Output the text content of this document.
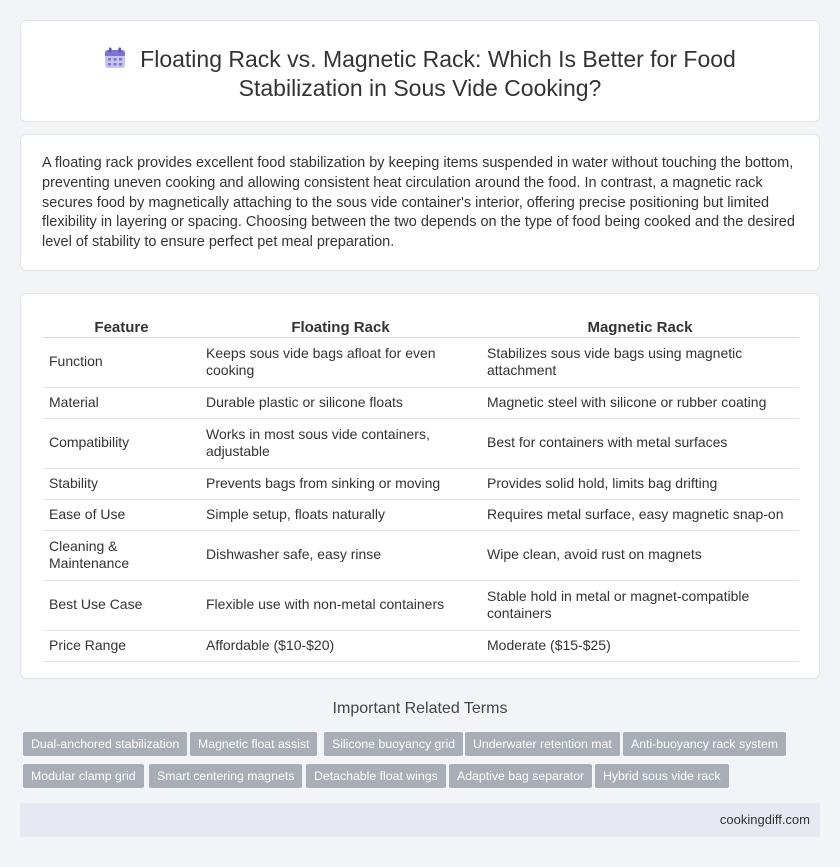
Floating Rack vs. Magnetic Rack: Which Is Better for Food
Stabilization in Sous Vide Cooking?

A floating rack provides excellent food stabilization by keeping items suspended in water without touching the bottom, preventing uneven cooking and allowing consistent heat circulation around the food. In contrast, a magnetic rack secures food by magnetically attaching to the sous vide container's interior, offering precise positioning but limited flexibility in layering or spacing. Choosing between the two depends on the type of food being cooked and the desired level of stability to ensure perfect pet meal preparation.

Feature	Floating Rack	Magnetic Rack
Function	Keeps sous vide bags afloat for even cooking	Stabilizes sous vide bags using magnetic attachment
Material	Durable plastic or silicone floats	Magnetic steel with silicone or rubber coating
Compatibility	Works in most sous vide containers, adjustable	Best for containers with metal surfaces
Stability	Prevents bags from sinking or moving	Provides solid hold, limits bag drifting
Ease of Use	Simple setup, floats naturally	Requires metal surface, easy magnetic snap-on
Cleaning & Maintenance	Dishwasher safe, easy rinse	Wipe clean, avoid rust on magnets
Best Use Case	Flexible use with non-metal containers	Stable hold in metal or magnet-compatible containers
Price Range	Affordable ($10-$20)	Moderate ($15-$25)
Important Related Terms
Dual-anchored stabilization	Magnetic float assist	Silicone buoyancy grid	Underwater retention mat	Anti-buoyancy rack system
Modular clamp grid	Smart centering magnets	Detachable float wings	Adaptive bag separator	Hybrid sous vide rack
cookingdiff.com
